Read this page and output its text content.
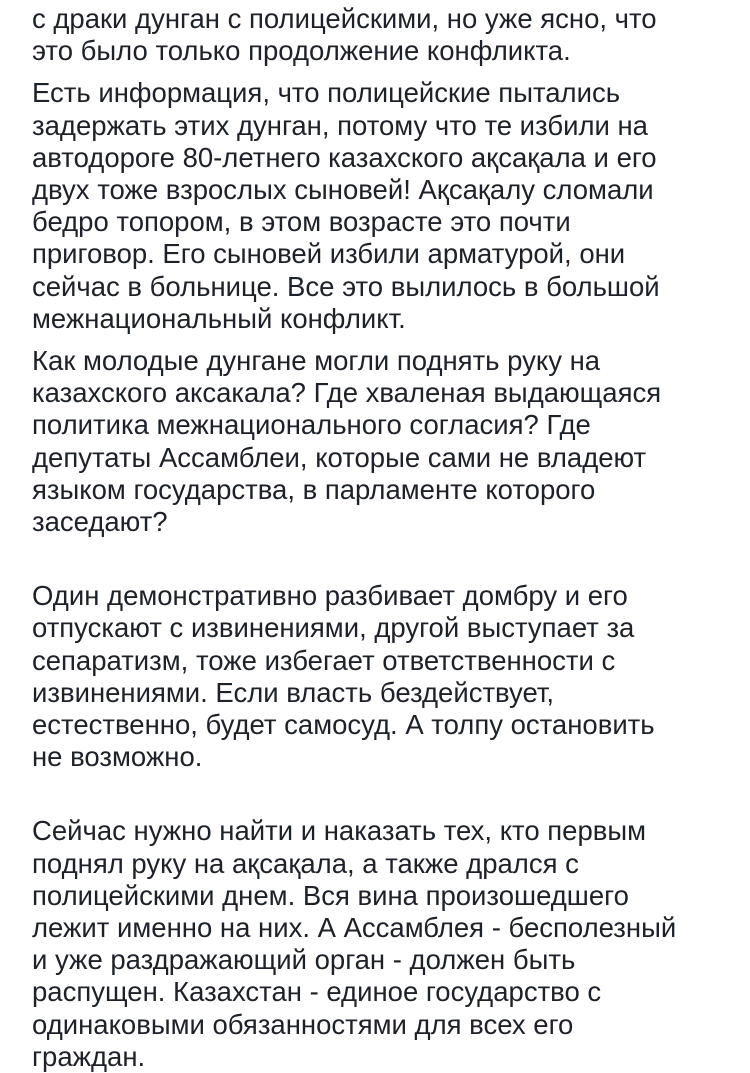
с драки дунган с полицейскими, но уже ясно, что
это было только продолжение конфликта.

Есть информация, что полицейские пытались
задержать этих дунган, потому что те избили на
автодороге 80-летнего казахского ақсақала и его
двух тоже взрослых сыновей! Ақсақалу сломали
бедро топором, в этом возрасте это почти
приговор. Его сыновей избили арматурой, они
сейчас в больнице. Все это вылилось в большой
межнациональный конфликт.

Как молодые дунгане могли поднять руку на
казахского аксакала? Где хваленая выдающаяся
политика межнационального согласия? Где
депутаты Ассамблеи, которые сами не владеют
языком государства, в парламенте которого
заседают?

Один демонстративно разбивает домбру и его
отпускают с извинениями, другой выступает за
сепаратизм, тоже избегает ответственности с
извинениями. Если власть бездействует,
естественно, будет самосуд. А толпу остановить
не возможно.

Сейчас нужно найти и наказать тех, кто первым
поднял руку на ақсақала, а также дрался с
полицейскими днем. Вся вина произошедшего
лежит именно на них. А Ассамблея - бесполезный
и уже раздражающий орган - должен быть
распущен. Казахстан - единое государство с
одинаковыми обязанностями для всех его
граждан.
